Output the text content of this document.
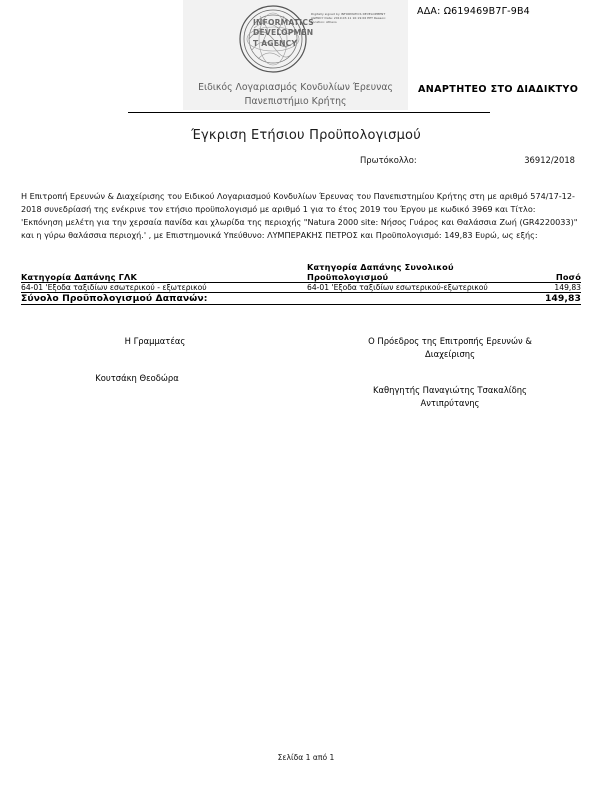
ΑΔΑ: Ω619469Β7Γ-9Β4
INFORMATICS
DEVELOPMEN
T AGENCY
Digitally signed by INFORMATICS DEVELOPMENT AGENCY Date: 2019.03.11 10:19:06 EET Reason: Location: Athens
Ειδικός Λογαριασμός Κονδυλίων Έρευνας
Πανεπιστήμιο Κρήτης
ΑΝΑΡΤΗΤΕΟ ΣΤΟ ΔΙΑΔΙΚΤΥΟ
Έγκριση Ετήσιου Προϋπολογισμού
Πρωτόκολλο:	36912/2018
Η Επιτροπή Ερευνών & Διαχείρισης του Ειδικού Λογαριασμού Κονδυλίων Έρευνας του Πανεπιστημίου Κρήτης στη με αριθμό 574/17-12-2018 συνεδρίασή της ενέκρινε τον ετήσιο προϋπολογισμό με αριθμό 1 για το έτος 2019 του Έργου με κωδικό 3969 και Τίτλο: 'Εκπόνηση μελέτη για την χερσαία πανίδα και χλωρίδα της περιοχής "Natura 2000 site: Νήσος Γυάρος και Θαλάσσια Ζωή (GR4220033)" και η γύρω θαλάσσια περιοχή.' , με Επιστημονικά Υπεύθυνο: ΛΥΜΠΕΡΑΚΗΣ ΠΕΤΡΟΣ και Προϋπολογισμό: 149,83 Ευρώ, ως εξής:
Κατηγορία Δαπάνης ΓΛΚ	Κατηγορία Δαπάνης Συνολικού Προϋπολογισμού	Ποσό
64-01 'Εξοδα ταξιδίων εσωτερικού - εξωτερικού	64-01 'Εξοδα ταξιδίων εσωτερικού-εξωτερικού	149,83
Σύνολο Προϋπολογισμού Δαπανών:		149,83
Η Γραμματέας
Κουτσάκη Θεοδώρα
Ο Πρόεδρος της Επιτροπής Ερευνών &
Διαχείρισης
Καθηγητής Παναγιώτης Τσακαλίδης
Αντιπρύτανης
Σελίδα 1 από 1
